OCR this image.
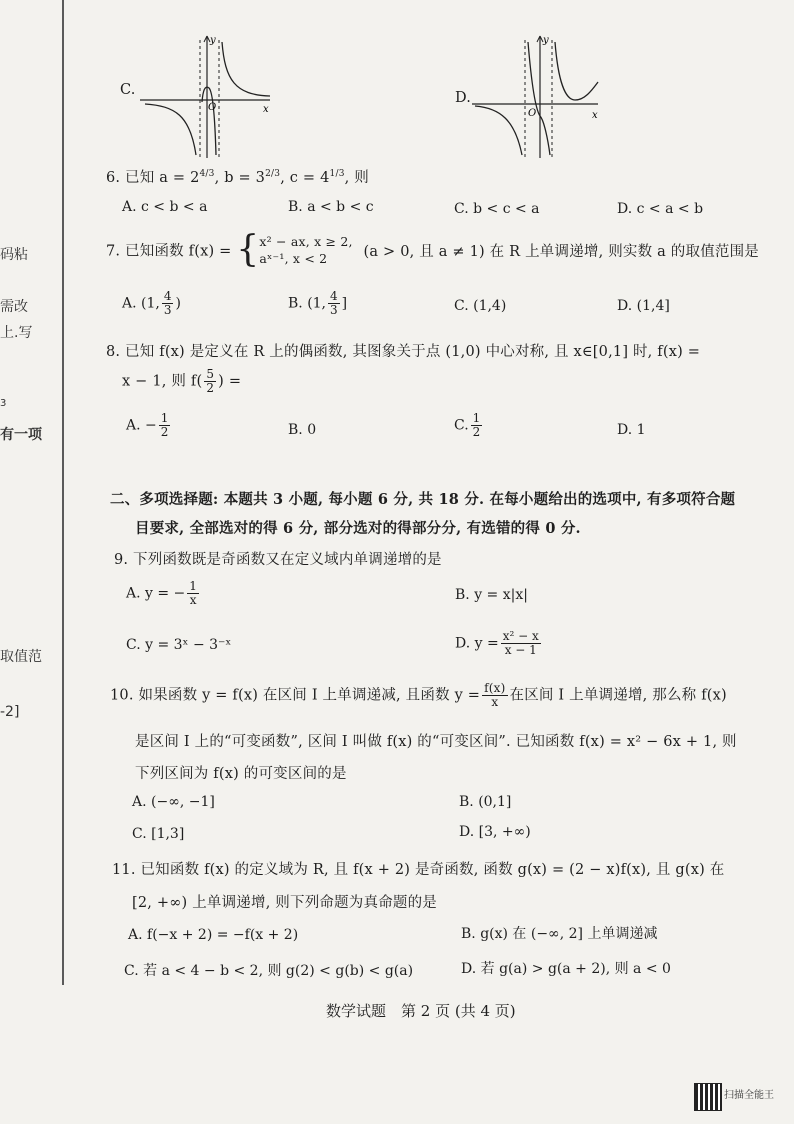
码粘
需改
上.写
3
有一项
取值范
-2]
C.
y
x
O
D.
y
x
O
6. 已知 $a = 2^{4/3}$, $b = 3^{2/3}$, $c = 4^{1/3}$, 则
A. c < b < a	B. a < b < c	C. b < c < a	D. c < a < b
7. 已知函数 f(x) = {x² − ax, x ≥ 2,
aˣ⁻¹, x < 2 (a > 0, 且 a ≠ 1) 在 R 上单调递增, 则实数 a 的取值范围是
A. (1, $\frac{4}{3}$ )	B. (1, $\frac{4}{3}$ ]	C. (1,4)	D. (1,4]
8. 已知 f(x) 是定义在 R 上的偶函数, 其图象关于点 (1,0) 中心对称, 且 x∈[0,1] 时, f(x) =
x − 1, 则 $f( \frac{5}{2}$ ) =
A. − $\frac{1}{2}$	B. 0	C. $\frac{1}{2}$	D. 1
二、多项选择题: 本题共 3 小题, 每小题 6 分, 共 18 分. 在每小题给出的选项中, 有多项符合题
目要求, 全部选对的得 6 分, 部分选对的得部分分, 有选错的得 0 分.
9. 下列函数既是奇函数又在定义域内单调递增的是
A. y = − $\frac{1}{x}$	B. y = x|x|
C. y = 3ˣ − 3⁻ˣ	D. $y = \frac{\text{x² − x}}{x - 1}$
10. 如果函数 y = f(x) 在区间 I 上单调递减, 且函数 $y = \frac{f(x)}{x}$ 在区间 I 上单调递增, 那么称 f(x)
是区间 I 上的“可变函数”, 区间 I 叫做 f(x) 的“可变区间”. 已知函数 f(x) = x² − 6x + 1, 则
下列区间为 f(x) 的可变区间的是
A. (−∞, −1]	B. (0,1]
C. [1,3]	D. [3, +∞)
11. 已知函数 f(x) 的定义域为 R, 且 f(x + 2) 是奇函数, 函数 g(x) = (2 − x)f(x), 且 g(x) 在
[2, +∞) 上单调递增, 则下列命题为真命题的是
A. f(−x + 2) = −f(x + 2)	B. g(x) 在 (−∞, 2] 上单调递减
C. 若 a < 4 − b < 2, 则 g(2) < g(b) < g(a)	D. 若 g(a) > g(a + 2), 则 a < 0
数学试题　第 2 页 (共 4 页)
扫描全能王
